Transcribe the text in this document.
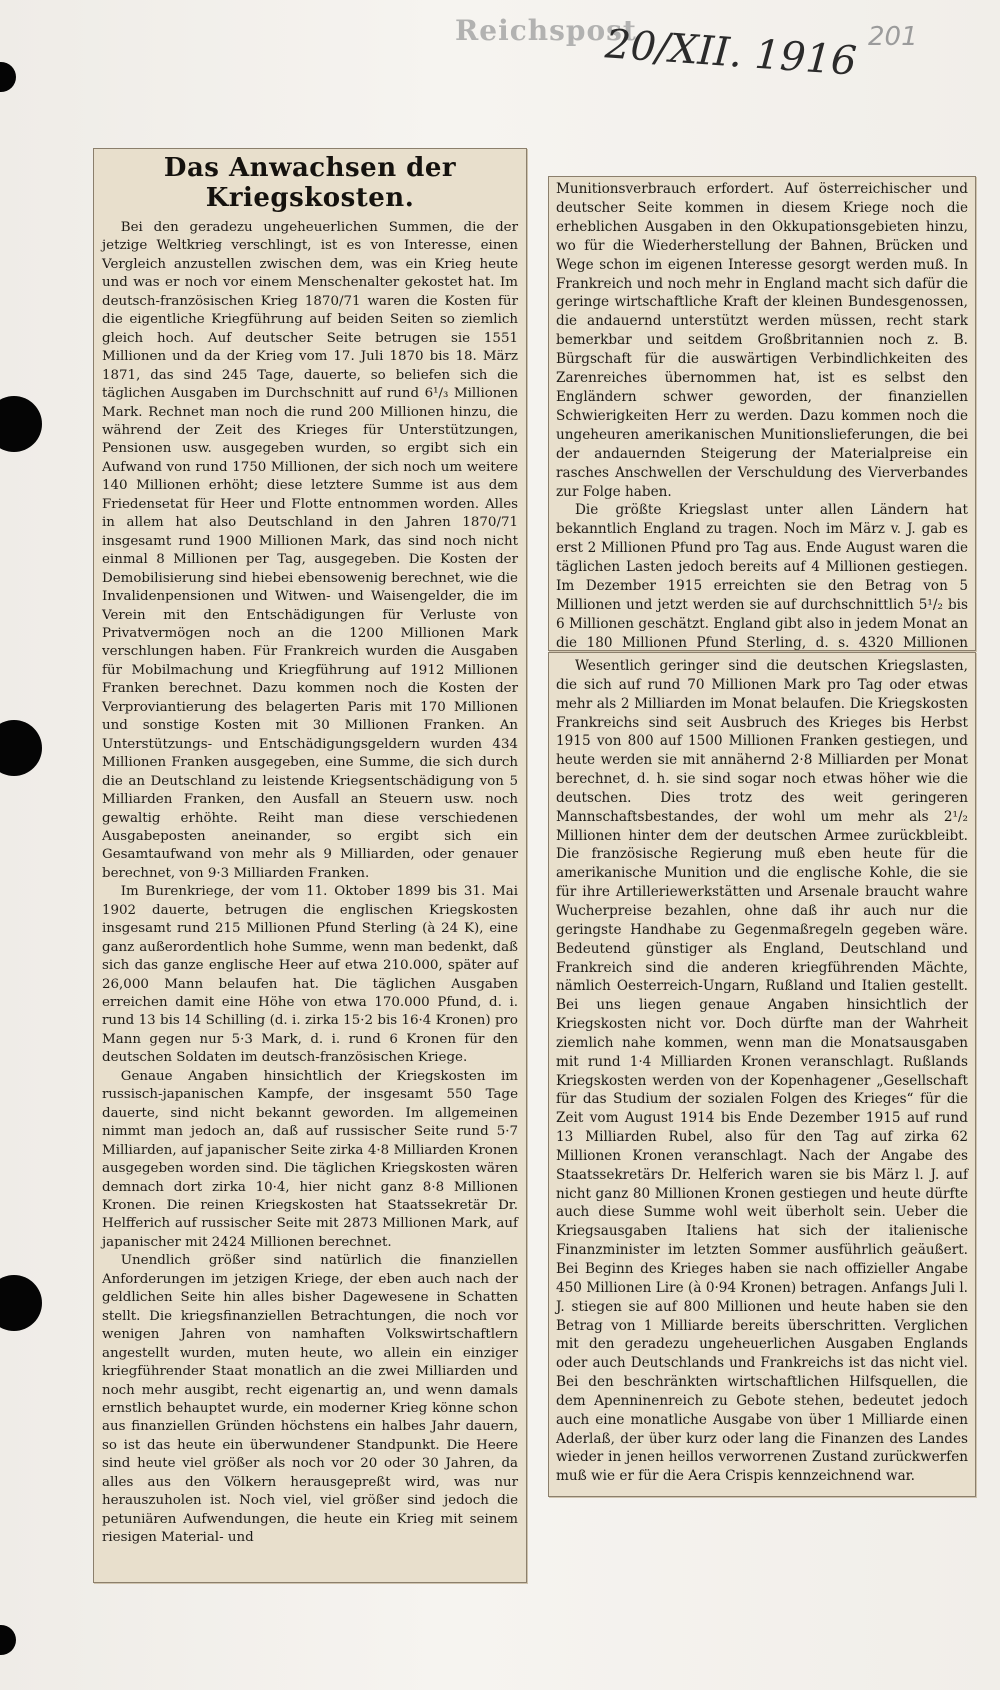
Reichspost
20/XII. 1916 201
Das Anwachsen der Kriegskosten.

Bei den geradezu ungeheuerlichen Summen, die der jetzige Weltkrieg verschlingt, ist es von Interesse, einen Vergleich anzustellen zwischen dem, was ein Krieg heute und was er noch vor einem Menschenalter gekostet hat. Im deutsch-französischen Krieg 1870/71 waren die Kosten für die eigentliche Kriegführung auf beiden Seiten so ziemlich gleich hoch. Auf deutscher Seite betrugen sie 1551 Millionen und da der Krieg vom 17. Juli 1870 bis 18. März 1871, das sind 245 Tage, dauerte, so beliefen sich die täglichen Ausgaben im Durchschnitt auf rund 6¹/₃ Millionen Mark. Rechnet man noch die rund 200 Millionen hinzu, die während der Zeit des Krieges für Unterstützungen, Pensionen usw. ausgegeben wurden, so ergibt sich ein Aufwand von rund 1750 Millionen, der sich noch um weitere 140 Millionen erhöht; diese letztere Summe ist aus dem Friedensetat für Heer und Flotte entnommen worden. Alles in allem hat also Deutschland in den Jahren 1870/71 insgesamt rund 1900 Millionen Mark, das sind noch nicht einmal 8 Millionen per Tag, ausgegeben. Die Kosten der Demobilisierung sind hiebei ebensowenig berechnet, wie die Invalidenpensionen und Witwen- und Waisengelder, die im Verein mit den Entschädigungen für Verluste von Privatvermögen noch an die 1200 Millionen Mark verschlungen haben. Für Frankreich wurden die Ausgaben für Mobilmachung und Kriegführung auf 1912 Millionen Franken berechnet. Dazu kommen noch die Kosten der Verproviantierung des belagerten Paris mit 170 Millionen und sonstige Kosten mit 30 Millionen Franken. An Unterstützungs- und Entschädigungsgeldern wurden 434 Millionen Franken ausgegeben, eine Summe, die sich durch die an Deutschland zu leistende Kriegsentschädigung von 5 Milliarden Franken, den Ausfall an Steuern usw. noch gewaltig erhöhte. Reiht man diese verschiedenen Ausgabeposten aneinander, so ergibt sich ein Gesamtaufwand von mehr als 9 Milliarden, oder genauer berechnet, von 9·3 Milliarden Franken.

Im Burenkriege, der vom 11. Oktober 1899 bis 31. Mai 1902 dauerte, betrugen die englischen Kriegskosten insgesamt rund 215 Millionen Pfund Sterling (à 24 K), eine ganz außerordentlich hohe Summe, wenn man bedenkt, daß sich das ganze englische Heer auf etwa 210.000, später auf 26,000 Mann belaufen hat. Die täglichen Ausgaben erreichen damit eine Höhe von etwa 170.000 Pfund, d. i. rund 13 bis 14 Schilling (d. i. zirka 15·2 bis 16·4 Kronen) pro Mann gegen nur 5·3 Mark, d. i. rund 6 Kronen für den deutschen Soldaten im deutsch-französischen Kriege.

Genaue Angaben hinsichtlich der Kriegskosten im russisch-japanischen Kampfe, der insgesamt 550 Tage dauerte, sind nicht bekannt geworden. Im allgemeinen nimmt man jedoch an, daß auf russischer Seite rund 5·7 Milliarden, auf japanischer Seite zirka 4·8 Milliarden Kronen ausgegeben worden sind. Die täglichen Kriegskosten wären demnach dort zirka 10·4, hier nicht ganz 8·8 Millionen Kronen. Die reinen Kriegskosten hat Staatssekretär Dr. Helfferich auf russischer Seite mit 2873 Millionen Mark, auf japanischer mit 2424 Millionen berechnet.

Unendlich größer sind natürlich die finanziellen Anforderungen im jetzigen Kriege, der eben auch nach der geldlichen Seite hin alles bisher Dagewesene in Schatten stellt. Die kriegsfinanziellen Betrachtungen, die noch vor wenigen Jahren von namhaften Volkswirtschaftlern angestellt wurden, muten heute, wo allein ein einziger kriegführender Staat monatlich an die zwei Milliarden und noch mehr ausgibt, recht eigenartig an, und wenn damals ernstlich behauptet wurde, ein moderner Krieg könne schon aus finanziellen Gründen höchstens ein halbes Jahr dauern, so ist das heute ein überwundener Standpunkt. Die Heere sind heute viel größer als noch vor 20 oder 30 Jahren, da alles aus den Völkern herausgepreßt wird, was nur herauszuholen ist. Noch viel, viel größer sind jedoch die petuniären Aufwendungen, die heute ein Krieg mit seinem riesigen Material- und

Munitionsverbrauch erfordert. Auf österreichischer und deutscher Seite kommen in diesem Kriege noch die erheblichen Ausgaben in den Okkupationsgebieten hinzu, wo für die Wiederherstellung der Bahnen, Brücken und Wege schon im eigenen Interesse gesorgt werden muß. In Frankreich und noch mehr in England macht sich dafür die geringe wirtschaftliche Kraft der kleinen Bundesgenossen, die andauernd unterstützt werden müssen, recht stark bemerkbar und seitdem Großbritannien noch z. B. Bürgschaft für die auswärtigen Verbindlichkeiten des Zarenreiches übernommen hat, ist es selbst den Engländern schwer geworden, der finanziellen Schwierigkeiten Herr zu werden. Dazu kommen noch die ungeheuren amerikanischen Munitionslieferungen, die bei der andauernden Steigerung der Materialpreise ein rasches Anschwellen der Verschuldung des Vierverbandes zur Folge haben.

Die größte Kriegslast unter allen Ländern hat bekanntlich England zu tragen. Noch im März v. J. gab es erst 2 Millionen Pfund pro Tag aus. Ende August waren die täglichen Lasten jedoch bereits auf 4 Millionen gestiegen. Im Dezember 1915 erreichten sie den Betrag von 5 Millionen und jetzt werden sie auf durchschnittlich 5¹/₂ bis 6 Millionen geschätzt. England gibt also in jedem Monat an die 180 Millionen Pfund Sterling, d. s. 4320 Millionen

Wesentlich geringer sind die deutschen Kriegslasten, die sich auf rund 70 Millionen Mark pro Tag oder etwas mehr als 2 Milliarden im Monat belaufen. Die Kriegskosten Frankreichs sind seit Ausbruch des Krieges bis Herbst 1915 von 800 auf 1500 Millionen Franken gestiegen, und heute werden sie mit annähernd 2·8 Milliarden per Monat berechnet, d. h. sie sind sogar noch etwas höher wie die deutschen. Dies trotz des weit geringeren Mannschaftsbestandes, der wohl um mehr als 2¹/₂ Millionen hinter dem der deutschen Armee zurückbleibt. Die französische Regierung muß eben heute für die amerikanische Munition und die englische Kohle, die sie für ihre Artilleriewerkstätten und Arsenale braucht wahre Wucherpreise bezahlen, ohne daß ihr auch nur die geringste Handhabe zu Gegenmaßregeln gegeben wäre. Bedeutend günstiger als England, Deutschland und Frankreich sind die anderen kriegführenden Mächte, nämlich Oesterreich-Ungarn, Rußland und Italien gestellt. Bei uns liegen genaue Angaben hinsichtlich der Kriegskosten nicht vor. Doch dürfte man der Wahrheit ziemlich nahe kommen, wenn man die Monatsausgaben mit rund 1·4 Milliarden Kronen veranschlagt. Rußlands Kriegskosten werden von der Kopenhagener „Gesellschaft für das Studium der sozialen Folgen des Krieges“ für die Zeit vom August 1914 bis Ende Dezember 1915 auf rund 13 Milliarden Rubel, also für den Tag auf zirka 62 Millionen Kronen veranschlagt. Nach der Angabe des Staatssekretärs Dr. Helferich waren sie bis März l. J. auf nicht ganz 80 Millionen Kronen gestiegen und heute dürfte auch diese Summe wohl weit überholt sein. Ueber die Kriegsausgaben Italiens hat sich der italienische Finanzminister im letzten Sommer ausführlich geäußert. Bei Beginn des Krieges haben sie nach offizieller Angabe 450 Millionen Lire (à 0·94 Kronen) betragen. Anfangs Juli l. J. stiegen sie auf 800 Millionen und heute haben sie den Betrag von 1 Milliarde bereits überschritten. Verglichen mit den geradezu ungeheuerlichen Ausgaben Englands oder auch Deutschlands und Frankreichs ist das nicht viel. Bei den beschränkten wirtschaftlichen Hilfsquellen, die dem Apenninenreich zu Gebote stehen, bedeutet jedoch auch eine monatliche Ausgabe von über 1 Milliarde einen Aderlaß, der über kurz oder lang die Finanzen des Landes wieder in jenen heillos verworrenen Zustand zurückwerfen muß wie er für die Aera Crispis kennzeichnend war.
